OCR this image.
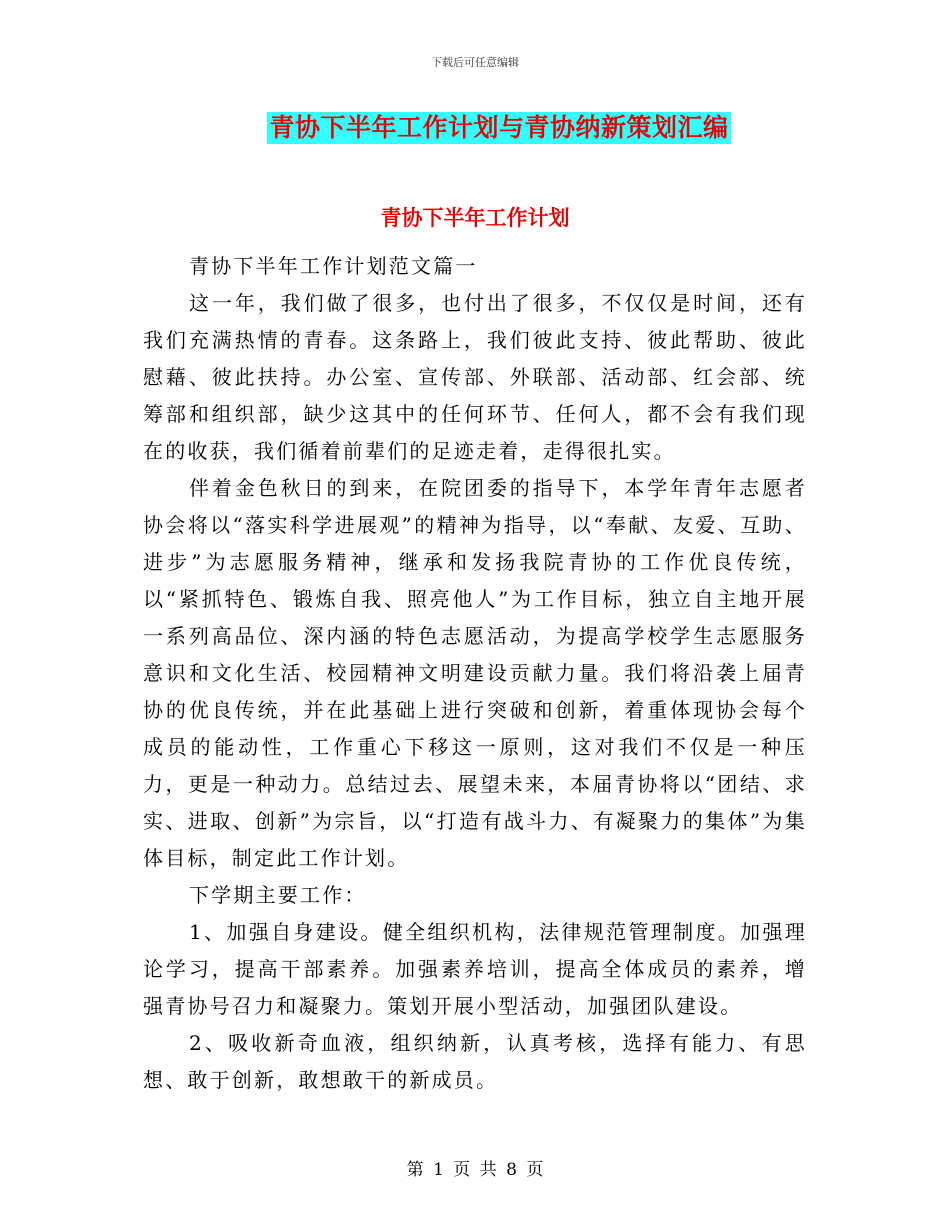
下载后可任意编辑
青协下半年工作计划与青协纳新策划汇编
青协下半年工作计划

青协下半年工作计划范文篇一

这一年，我们做了很多，也付出了很多，不仅仅是时间，还有我们充满热情的青春。这条路上，我们彼此支持、彼此帮助、彼此慰藉、彼此扶持。办公室、宣传部、外联部、活动部、红会部、统筹部和组织部，缺少这其中的任何环节、任何人，都不会有我们现在的收获，我们循着前辈们的足迹走着，走得很扎实。

伴着金色秋日的到来，在院团委的指导下，本学年青年志愿者协会将以“落实科学进展观”的精神为指导，以“奉献、友爱、互助、进步”为志愿服务精神，继承和发扬我院青协的工作优良传统，以“紧抓特色、锻炼自我、照亮他人”为工作目标，独立自主地开展一系列高品位、深内涵的特色志愿活动，为提高学校学生志愿服务意识和文化生活、校园精神文明建设贡献力量。我们将沿袭上届青协的优良传统，并在此基础上进行突破和创新，着重体现协会每个成员的能动性，工作重心下移这一原则，这对我们不仅是一种压力，更是一种动力。总结过去、展望未来，本届青协将以“团结、求实、进取、创新”为宗旨，以“打造有战斗力、有凝聚力的集体”为集体目标，制定此工作计划。

下学期主要工作：

1、加强自身建设。健全组织机构，法律规范管理制度。加强理论学习，提高干部素养。加强素养培训，提高全体成员的素养，增强青协号召力和凝聚力。策划开展小型活动，加强团队建设。

2、吸收新奇血液，组织纳新，认真考核，选择有能力、有思想、敢于创新，敢想敢干的新成员。

第 1 页 共 8 页
